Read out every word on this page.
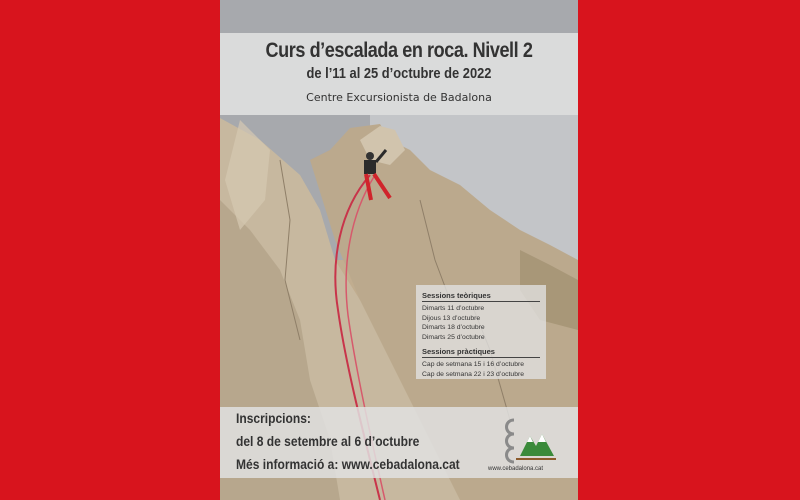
Curs d’escalada en roca. Nivell 2
de l’11 al 25 d’octubre de 2022
Centre Excursionista de Badalona
Sessions teòriques
Dimarts 11 d’octubre
Dijous 13 d’octubre
Dimarts 18 d’octubre
Dimarts 25 d’octubre
Sessions pràctiques
Cap de setmana 15 i 16 d’octubre
Cap de setmana 22 i 23 d’octubre
Inscripcions:
del 8 de setembre al 6 d’octubre
Més informació a: www.cebadalona.cat	www.cebadalona.cat
